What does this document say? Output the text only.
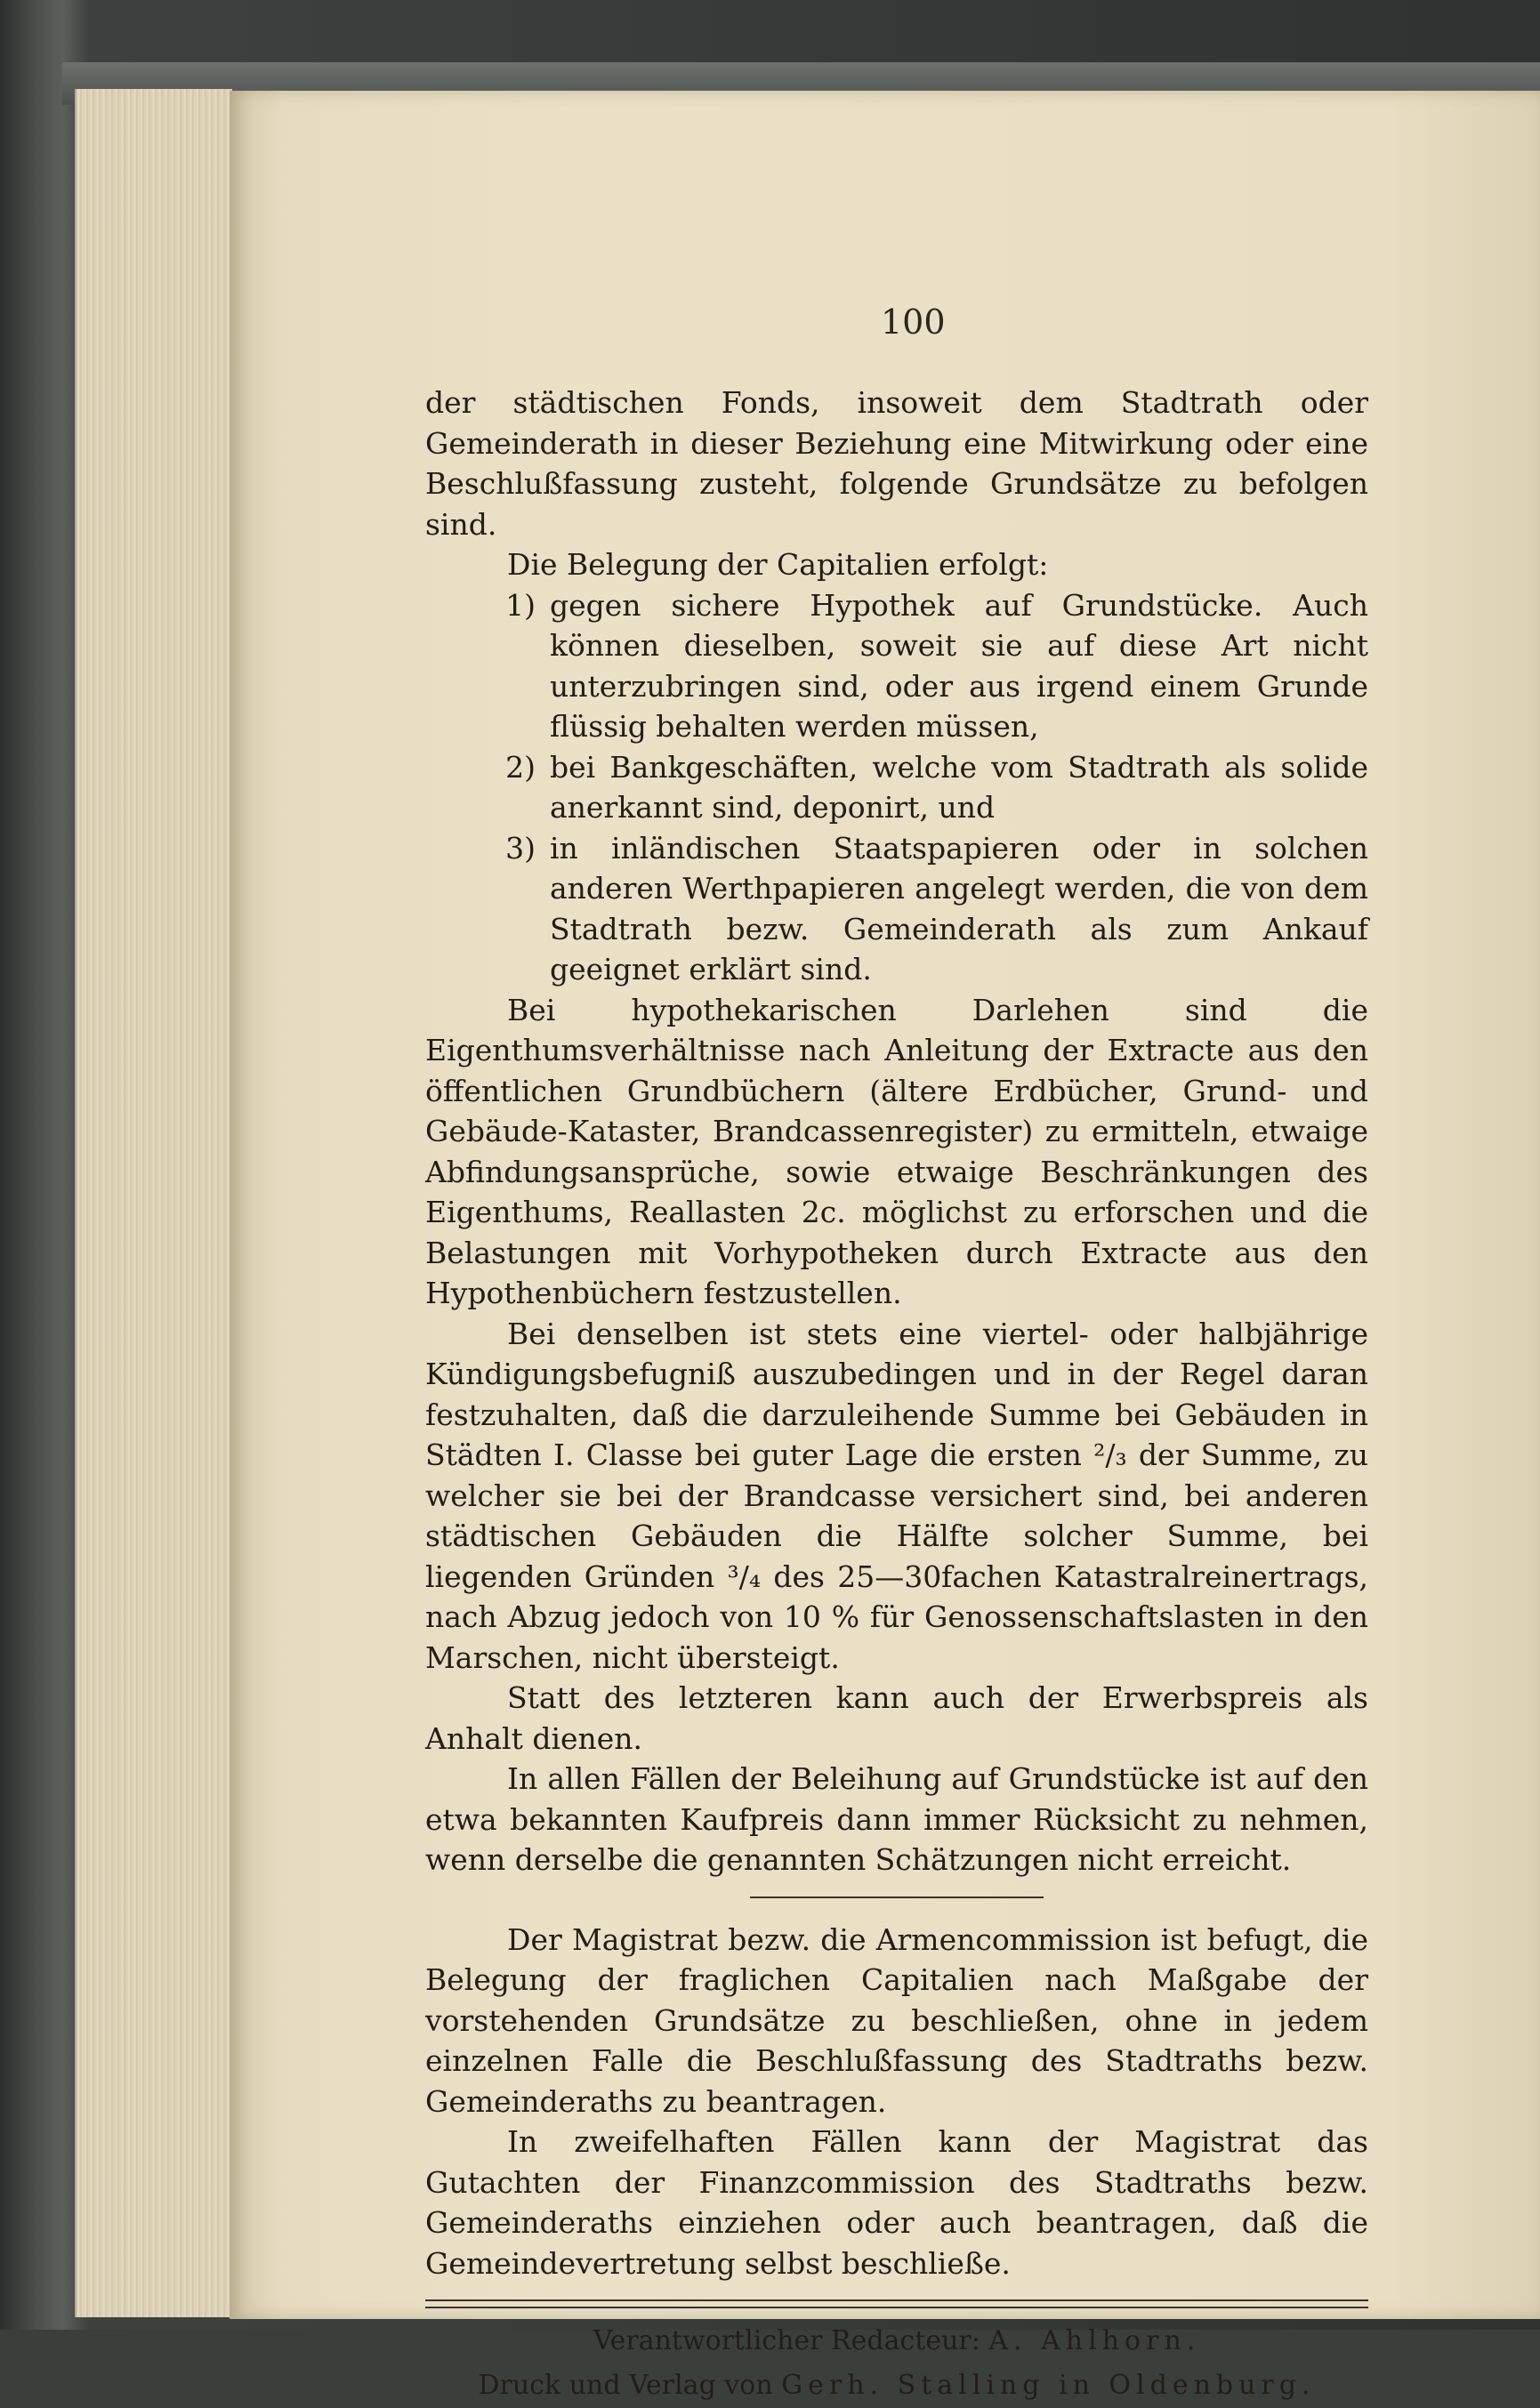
100

der städtischen Fonds, insoweit dem Stadtrath oder Gemeinderath in dieser Beziehung eine Mitwirkung oder eine Beschlußfassung zusteht, folgende Grundsätze zu befolgen sind.

Die Belegung der Capitalien erfolgt:

1) gegen sichere Hypothek auf Grundstücke. Auch können dieselben, soweit sie auf diese Art nicht unterzubringen sind, oder aus irgend einem Grunde flüssig behalten werden müssen,
2) bei Bankgeschäften, welche vom Stadtrath als solide anerkannt sind, deponirt, und
3) in inländischen Staatspapieren oder in solchen anderen Werthpapieren angelegt werden, die von dem Stadtrath bezw. Gemeinderath als zum Ankauf geeignet erklärt sind.

Bei hypothekarischen Darlehen sind die Eigenthumsverhältnisse nach Anleitung der Extracte aus den öffentlichen Grundbüchern (ältere Erdbücher, Grund- und Gebäude-Kataster, Brandcassenregister) zu ermitteln, etwaige Abfindungsansprüche, sowie etwaige Beschränkungen des Eigenthums, Reallasten 2c. möglichst zu erforschen und die Belastungen mit Vorhypotheken durch Extracte aus den Hypothenbüchern festzustellen.

Bei denselben ist stets eine viertel- oder halbjährige Kündigungsbefugniß auszubedingen und in der Regel daran festzuhalten, daß die darzuleihende Summe bei Gebäuden in Städten I. Classe bei guter Lage die ersten ²/₃ der Summe, zu welcher sie bei der Brandcasse versichert sind, bei anderen städtischen Gebäuden die Hälfte solcher Summe, bei liegenden Gründen ³/₄ des 25—30fachen Katastralreinertrags, nach Abzug jedoch von 10 % für Genossenschaftslasten in den Marschen, nicht übersteigt.

Statt des letzteren kann auch der Erwerbspreis als Anhalt dienen.

In allen Fällen der Beleihung auf Grundstücke ist auf den etwa bekannten Kaufpreis dann immer Rücksicht zu nehmen, wenn derselbe die genannten Schätzungen nicht erreicht.

Der Magistrat bezw. die Armencommission ist befugt, die Belegung der fraglichen Capitalien nach Maßgabe der vorstehenden Grundsätze zu beschließen, ohne in jedem einzelnen Falle die Beschlußfassung des Stadtraths bezw. Gemeinderaths zu beantragen.

In zweifelhaften Fällen kann der Magistrat das Gutachten der Finanzcommission des Stadtraths bezw. Gemeinderaths einziehen oder auch beantragen, daß die Gemeindevertretung selbst beschließe.

Verantwortlicher Redacteur: A. Ahlhorn.
Druck und Verlag von Gerh. Stalling in Oldenburg.
